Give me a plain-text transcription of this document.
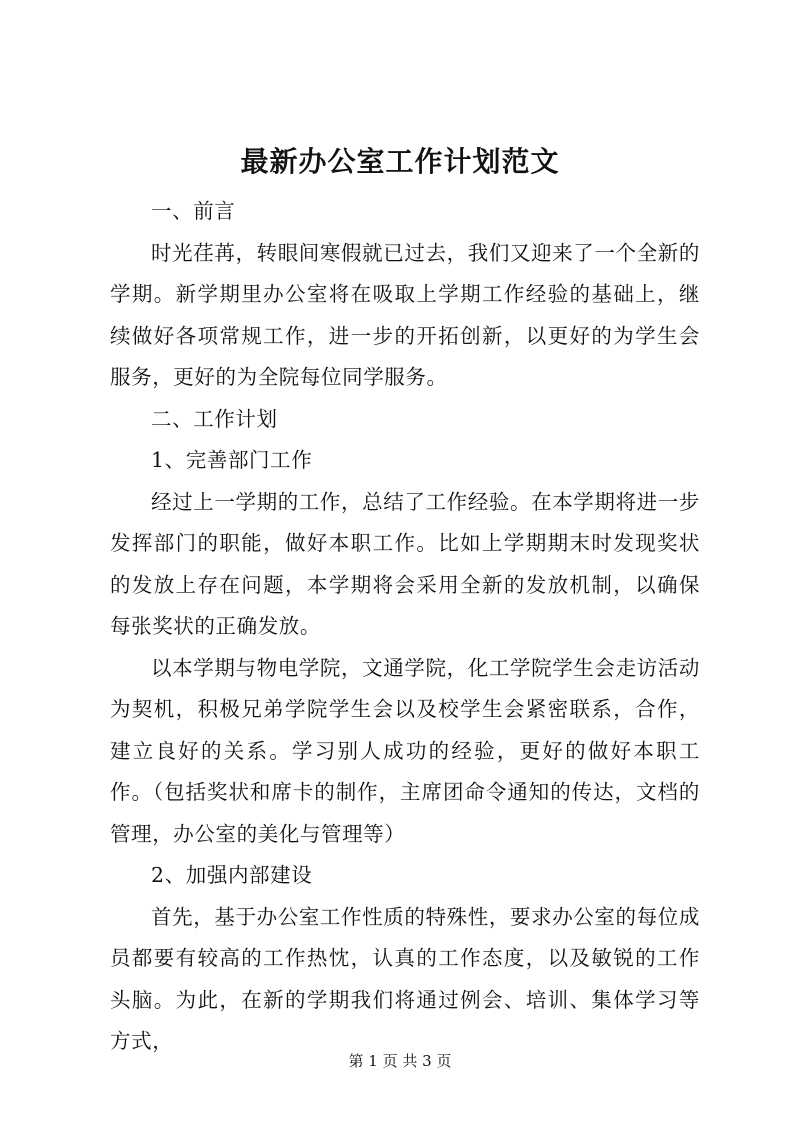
最新办公室工作计划范文

一、前言

时光荏苒，转眼间寒假就已过去，我们又迎来了一个全新的学期。新学期里办公室将在吸取上学期工作经验的基础上，继续做好各项常规工作，进一步的开拓创新，以更好的为学生会服务，更好的为全院每位同学服务。

二、工作计划

1、完善部门工作

经过上一学期的工作，总结了工作经验。在本学期将进一步发挥部门的职能，做好本职工作。比如上学期期末时发现奖状的发放上存在问题，本学期将会采用全新的发放机制，以确保每张奖状的正确发放。

以本学期与物电学院，文通学院，化工学院学生会走访活动为契机，积极兄弟学院学生会以及校学生会紧密联系，合作，建立良好的关系。学习别人成功的经验，更好的做好本职工作。（包括奖状和席卡的制作，主席团命令通知的传达，文档的管理，办公室的美化与管理等）

2、加强内部建设

首先，基于办公室工作性质的特殊性，要求办公室的每位成员都要有较高的工作热忱，认真的工作态度，以及敏锐的工作头脑。为此，在新的学期我们将通过例会、培训、集体学习等方式，

第 1 页 共 3 页
